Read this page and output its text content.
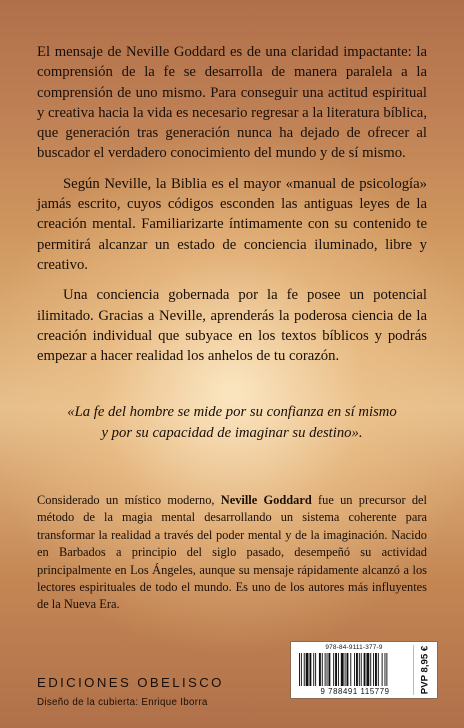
El mensaje de Neville Goddard es de una claridad impactante: la comprensión de la fe se desarrolla de manera paralela a la comprensión de uno mismo. Para conseguir una actitud espiritual y creativa hacia la vida es necesario regresar a la literatura bíblica, que generación tras generación nunca ha dejado de ofrecer al buscador el verdadero conocimiento del mundo y de sí mismo.

Según Neville, la Biblia es el mayor «manual de psicología» jamás escrito, cuyos códigos esconden las antiguas leyes de la creación mental. Familiarizarte íntimamente con su contenido te permitirá alcanzar un estado de conciencia iluminado, libre y creativo.

Una conciencia gobernada por la fe posee un potencial ilimitado. Gracias a Neville, aprenderás la poderosa ciencia de la creación individual que subyace en los textos bíblicos y podrás empezar a hacer realidad los anhelos de tu corazón.

«La fe del hombre se mide por su confianza en sí mismo
y por su capacidad de imaginar su destino».

Considerado un místico moderno, Neville Goddard fue un precursor del método de la magia mental desarrollando un sistema coherente para transformar la realidad a través del poder mental y de la imaginación. Nacido en Barbados a principio del siglo pasado, desempeñó su actividad principalmente en Los Ángeles, aunque su mensaje rápidamente alcanzó a los lectores espirituales de todo el mundo. Es uno de los autores más influyentes de la Nueva Era.

EDICIONES OBELISCO
Diseño de la cubierta: Enrique Iborra
978-84-9111-377-9
9 788491 115779	PVP 8,95 €
